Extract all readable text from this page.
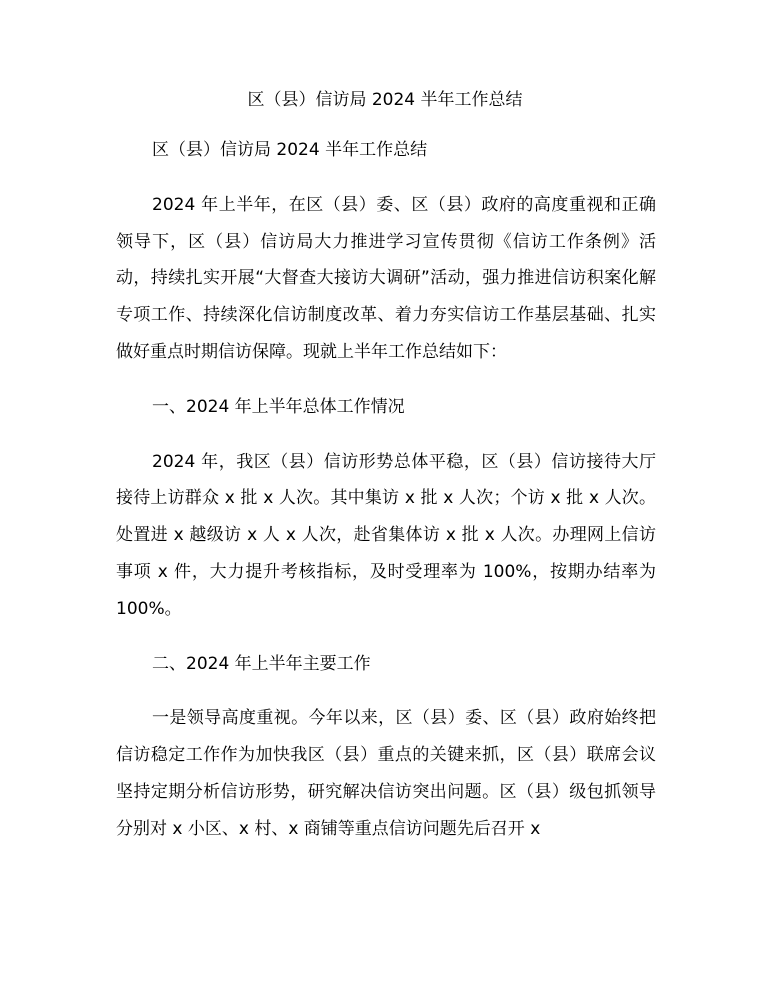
区（县）信访局 2024 半年工作总结

区（县）信访局 2024 半年工作总结

2024 年上半年，在区（县）委、区（县）政府的高度重视和正确领导下，区（县）信访局大力推进学习宣传贯彻《信访工作条例》活动，持续扎实开展“大督查大接访大调研”活动，强力推进信访积案化解专项工作、持续深化信访制度改革、着力夯实信访工作基层基础、扎实做好重点时期信访保障。现就上半年工作总结如下：

一、2024 年上半年总体工作情况

2024 年，我区（县）信访形势总体平稳，区（县）信访接待大厅接待上访群众 x 批 x 人次。其中集访 x 批 x 人次；个访 x 批 x 人次。处置进 x 越级访 x 人 x 人次，赴省集体访 x 批 x 人次。办理网上信访事项 x 件，大力提升考核指标，及时受理率为 100%，按期办结率为 100%。

二、2024 年上半年主要工作

一是领导高度重视。今年以来，区（县）委、区（县）政府始终把信访稳定工作作为加快我区（县）重点的关键来抓，区（县）联席会议坚持定期分析信访形势，研究解决信访突出问题。区（县）级包抓领导分别对 x 小区、x 村、x 商铺等重点信访问题先后召开 x
